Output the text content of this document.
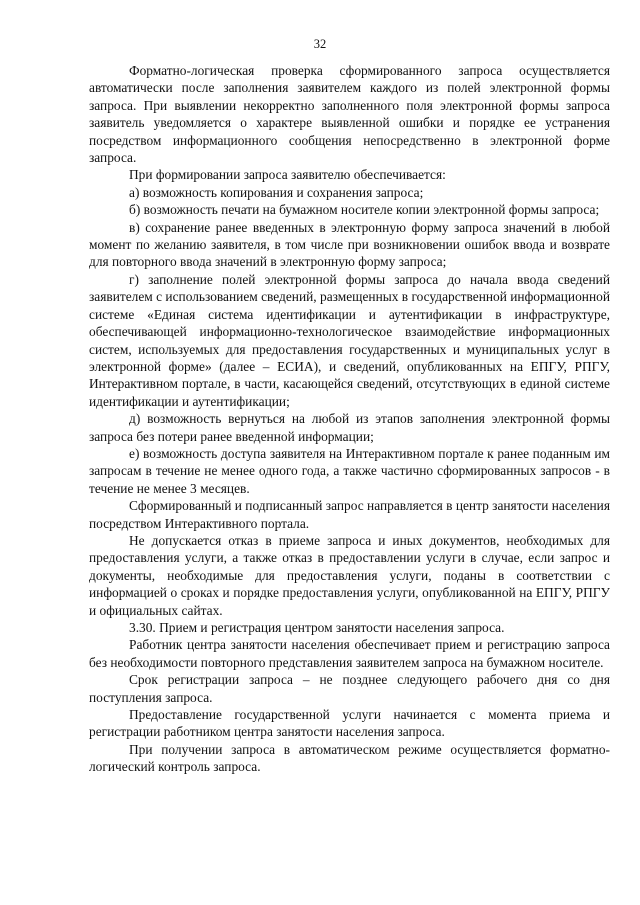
32

Форматно-логическая проверка сформированного запроса осуществляется автоматически после заполнения заявителем каждого из полей электронной формы запроса. При выявлении некорректно заполненного поля электронной формы запроса заявитель уведомляется о характере выявленной ошибки и порядке ее устранения посредством информационного сообщения непосредственно в электронной форме запроса.

При формировании запроса заявителю обеспечивается:

а) возможность копирования и сохранения запроса;

б) возможность печати на бумажном носителе копии электронной формы запроса;

в) сохранение ранее введенных в электронную форму запроса значений в любой момент по желанию заявителя, в том числе при возникновении ошибок ввода и возврате для повторного ввода значений в электронную форму запроса;

г) заполнение полей электронной формы запроса до начала ввода сведений заявителем с использованием сведений, размещенных в государственной информационной системе «Единая система идентификации и аутентификации в инфраструктуре, обеспечивающей информационно-технологическое взаимодействие информационных систем, используемых для предоставления государственных и муниципальных услуг в электронной форме» (далее – ЕСИА), и сведений, опубликованных на ЕПГУ, РПГУ, Интерактивном портале, в части, касающейся сведений, отсутствующих в единой системе идентификации и аутентификации;

д) возможность вернуться на любой из этапов заполнения электронной формы запроса без потери ранее введенной информации;

е) возможность доступа заявителя на Интерактивном портале к ранее поданным им запросам в течение не менее одного года, а также частично сформированных запросов - в течение не менее 3 месяцев.

Сформированный и подписанный запрос направляется в центр занятости населения посредством Интерактивного портала.

Не допускается отказ в приеме запроса и иных документов, необходимых для предоставления услуги, а также отказ в предоставлении услуги в случае, если запрос и документы, необходимые для предоставления услуги, поданы в соответствии с информацией о сроках и порядке предоставления услуги, опубликованной на ЕПГУ, РПГУ и официальных сайтах.

3.30. Прием и регистрация центром занятости населения запроса.

Работник центра занятости населения обеспечивает прием и регистрацию запроса без необходимости повторного представления заявителем запроса на бумажном носителе.

Срок регистрации запроса – не позднее следующего рабочего дня со дня поступления запроса.

Предоставление государственной услуги начинается с момента приема и регистрации работником центра занятости населения запроса.

При получении запроса в автоматическом режиме осуществляется форматно-логический контроль запроса.
